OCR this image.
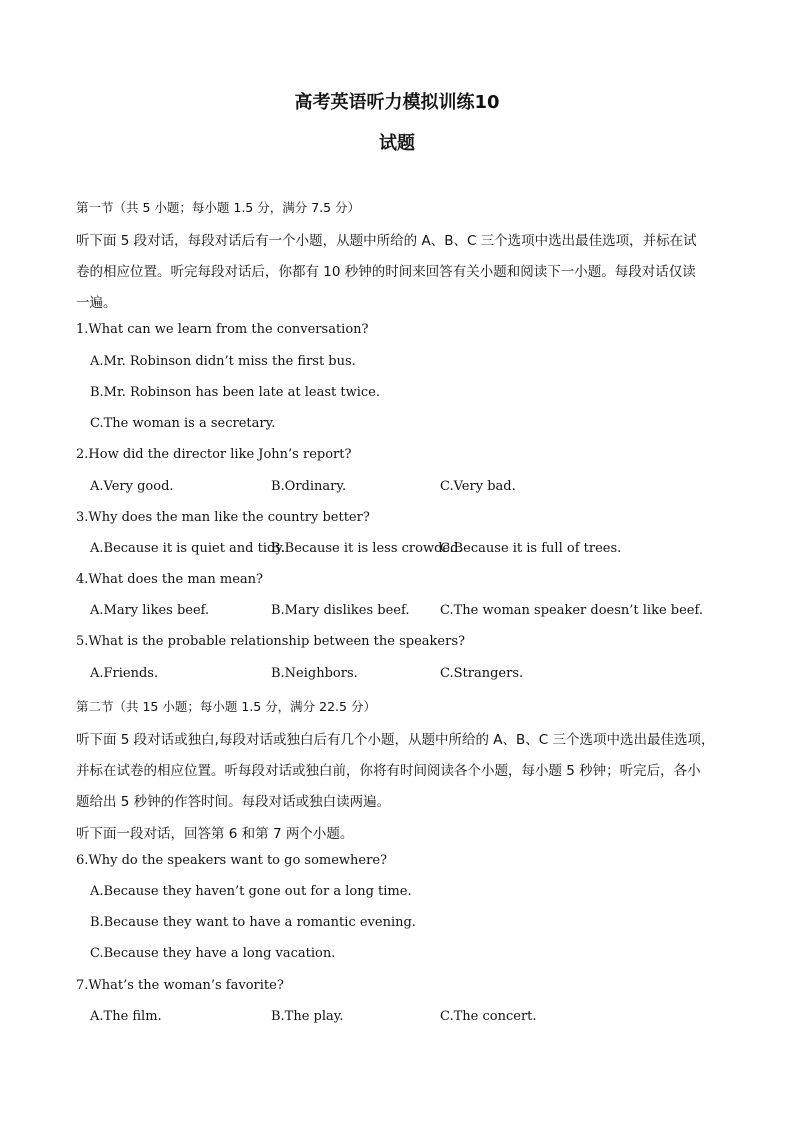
高考英语听力模拟训练10
试题
第一节（共 5 小题；每小题 1.5 分，满分 7.5 分）
听下面 5 段对话，每段对话后有一个小题，从题中所给的 A、B、C 三个选项中选出最佳选项，并标在试
卷的相应位置。听完每段对话后，你都有 10 秒钟的时间来回答有关小题和阅读下一小题。每段对话仅读
一遍。
1.What can we learn from the conversation?
A.Mr. Robinson didn’t miss the first bus.
B.Mr. Robinson has been late at least twice.
C.The woman is a secretary.
2.How did the director like John’s report?
A.Very good.	B.Ordinary.	C.Very bad.
3.Why does the man like the country better?
A.Because it is quiet and tidy.
B.Because it is less crowded.
C.Because it is full of trees.
4.What does the man mean?
A.Mary likes beef.	B.Mary dislikes beef. C.The woman speaker doesn’t like beef.
5.What is the probable relationship between the speakers?
A.Friends.	B.Neighbors.	C.Strangers.
第二节（共 15 小题；每小题 1.5 分，满分 22.5 分）
听下面 5 段对话或独白,每段对话或独白后有几个小题，从题中所给的 A、B、C 三个选项中选出最佳选项，
并标在试卷的相应位置。听每段对话或独白前，你将有时间阅读各个小题，每小题 5 秒钟；听完后，各小
题给出 5 秒钟的作答时间。每段对话或独白读两遍。
听下面一段对话，回答第 6 和第 7 两个小题。
6.Why do the speakers want to go somewhere?
A.Because they haven’t gone out for a long time.
B.Because they want to have a romantic evening.
C.Because they have a long vacation.
7.What’s the woman’s favorite?
A.The film.	B.The play.	C.The concert.
